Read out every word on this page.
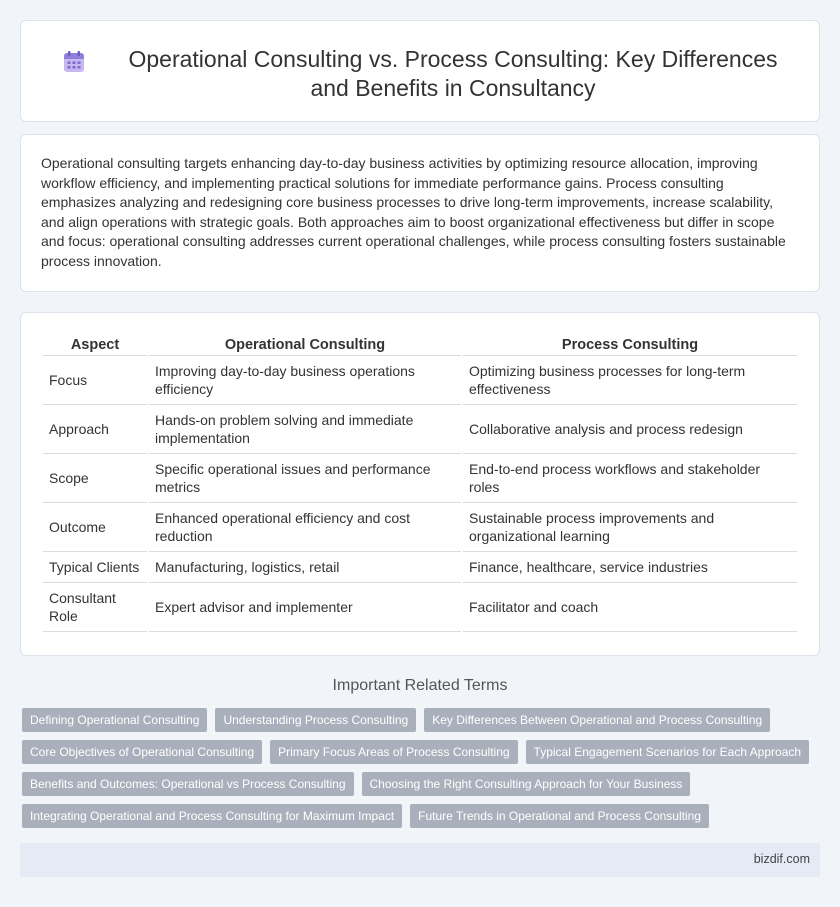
Operational Consulting vs. Process Consulting: Key Differences and Benefits in Consultancy

Operational consulting targets enhancing day-to-day business activities by optimizing resource allocation, improving workflow efficiency, and implementing practical solutions for immediate performance gains. Process consulting emphasizes analyzing and redesigning core business processes to drive long-term improvements, increase scalability, and align operations with strategic goals. Both approaches aim to boost organizational effectiveness but differ in scope and focus: operational consulting addresses current operational challenges, while process consulting fosters sustainable process innovation.

Aspect	Operational Consulting	Process Consulting
Focus	Improving day-to-day business operations efficiency	Optimizing business processes for long-term effectiveness
Approach	Hands-on problem solving and immediate implementation	Collaborative analysis and process redesign
Scope	Specific operational issues and performance metrics	End-to-end process workflows and stakeholder roles
Outcome	Enhanced operational efficiency and cost reduction	Sustainable process improvements and organizational learning
Typical Clients	Manufacturing, logistics, retail	Finance, healthcare, service industries
Consultant Role	Expert advisor and implementer	Facilitator and coach
Important Related Terms
Defining Operational Consulting	Understanding Process Consulting	Key Differences Between Operational and Process Consulting
Core Objectives of Operational Consulting	Primary Focus Areas of Process Consulting	Typical Engagement Scenarios for Each Approach
Benefits and Outcomes: Operational vs Process Consulting	Choosing the Right Consulting Approach for Your Business
Integrating Operational and Process Consulting for Maximum Impact	Future Trends in Operational and Process Consulting
bizdif.com
